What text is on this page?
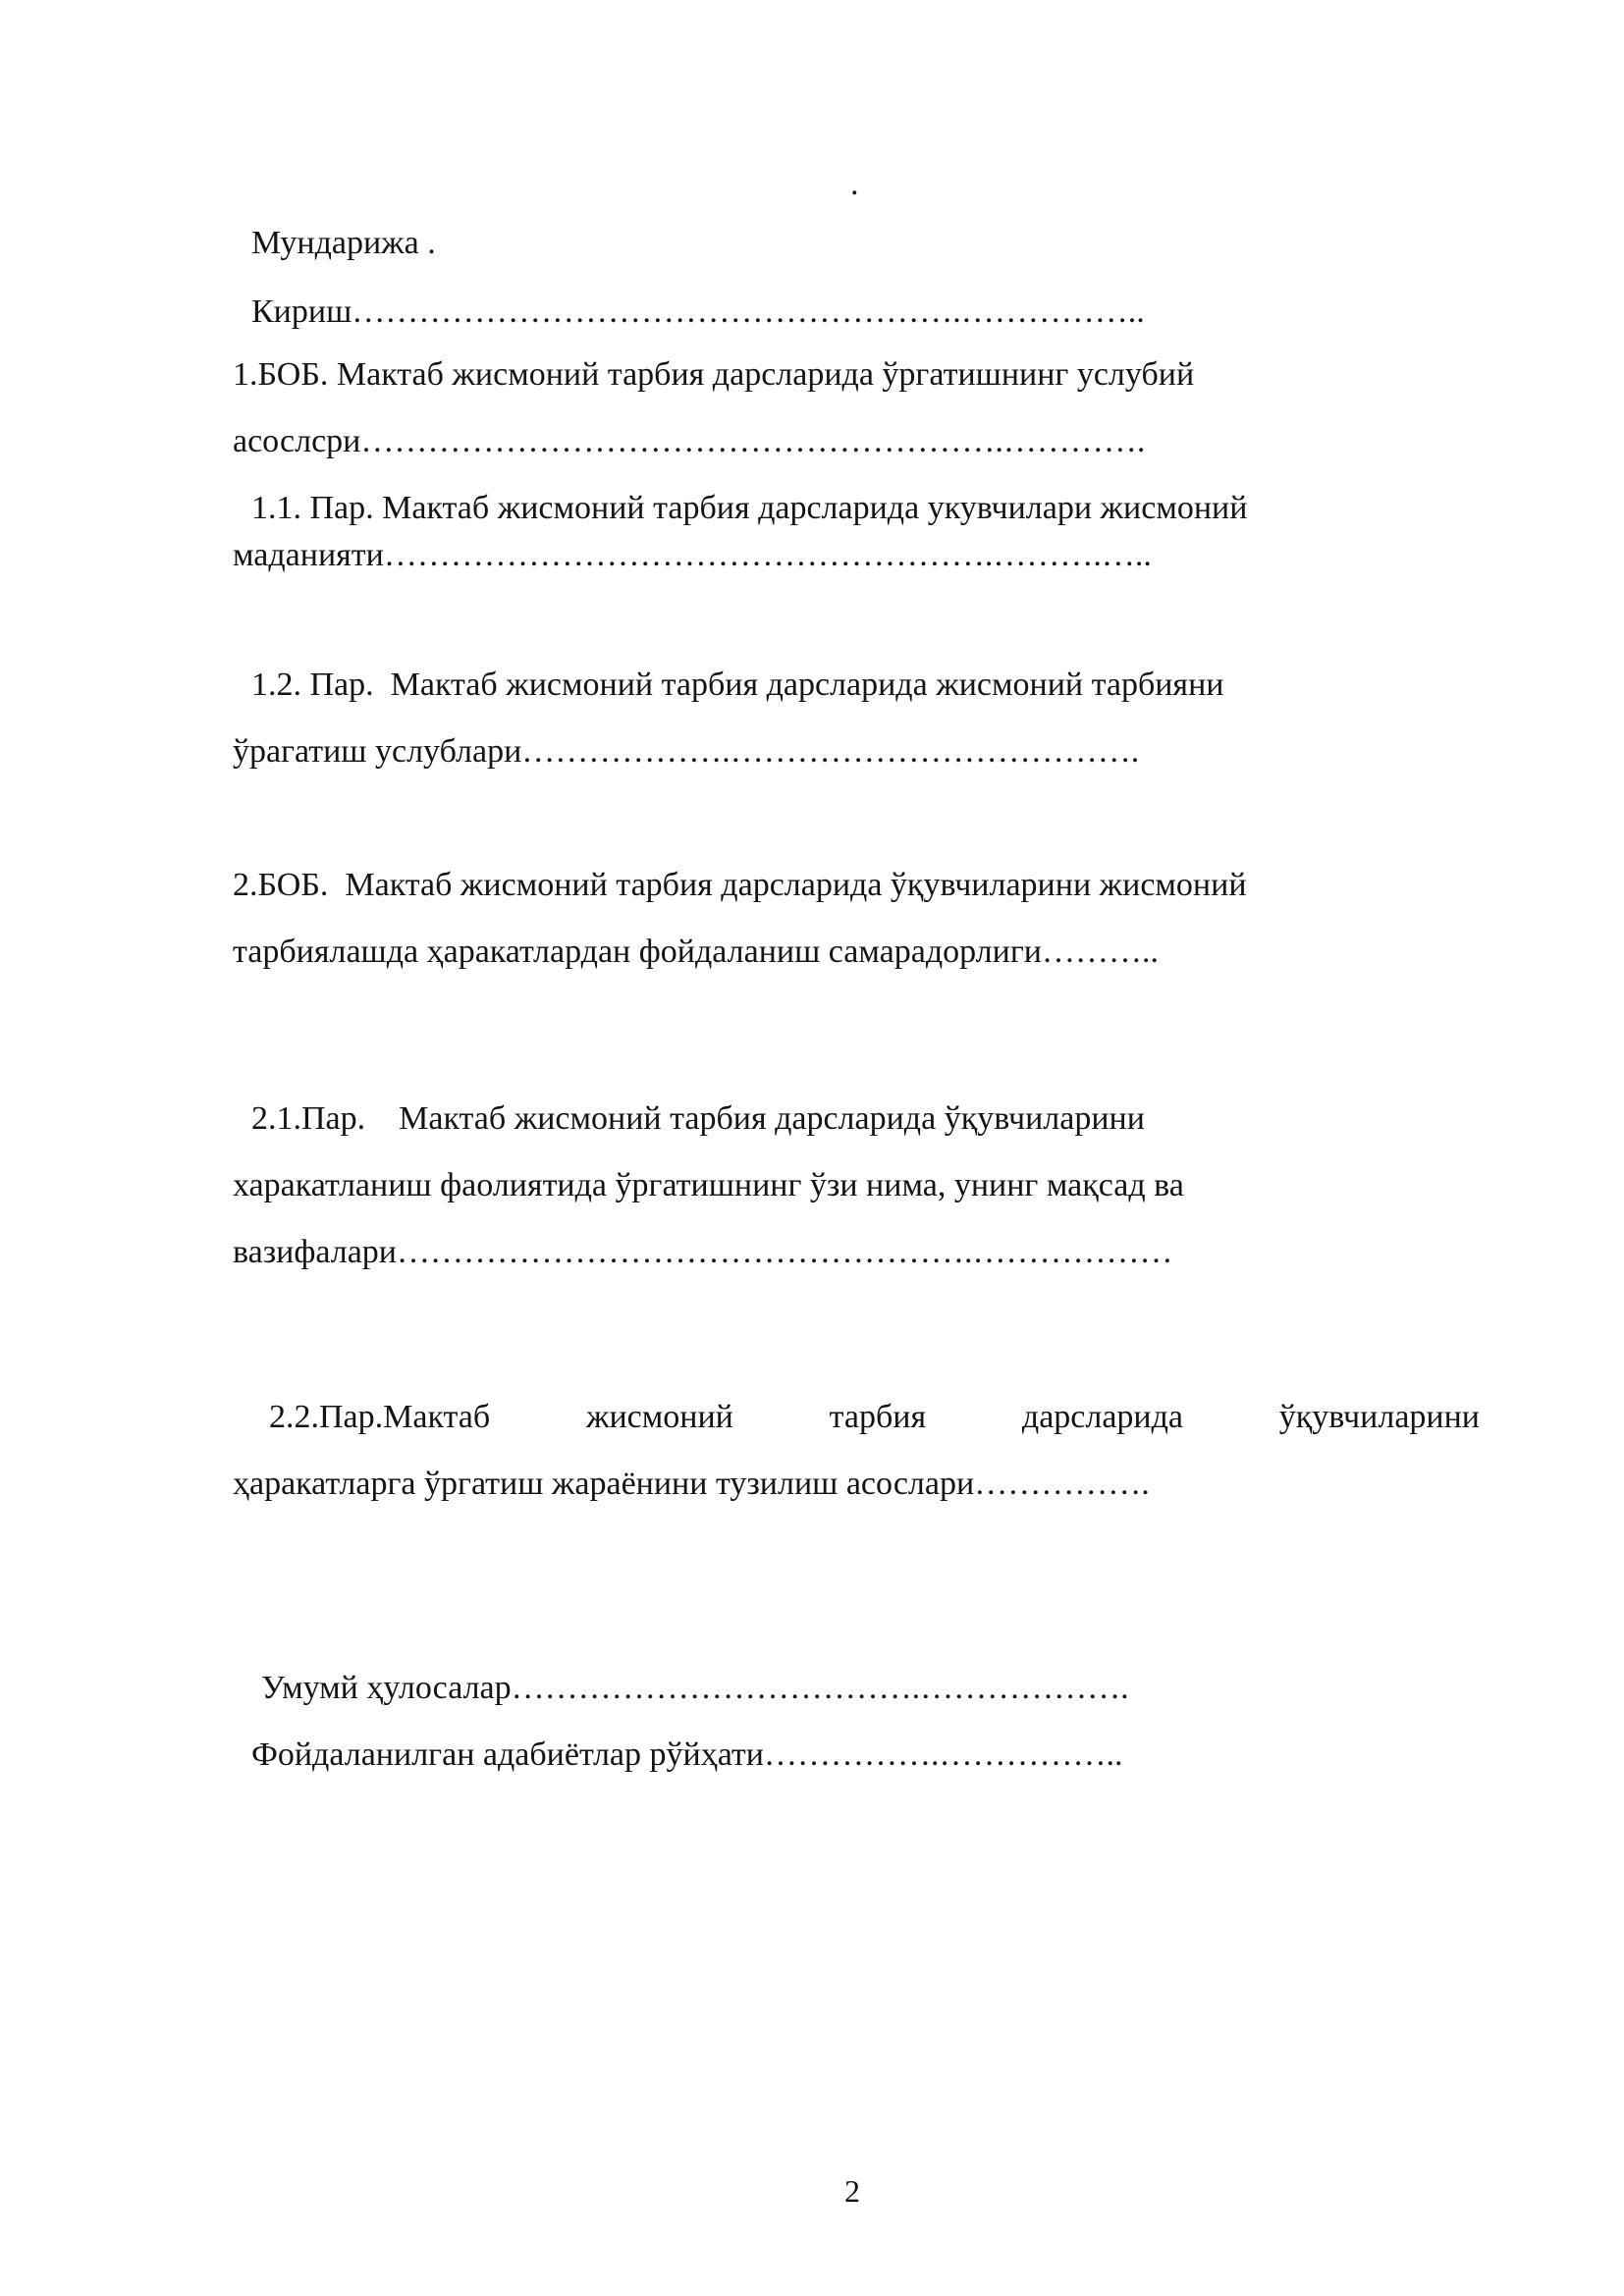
.

Мундарижа .

Кириш……………………………………………….……………..

1.БОБ. Мактаб жисмоний тарбия дарсларида ўргатишнинг услубий

асослсри………………………………………………….………….

1.1. Пар. Мактаб жисмоний тарбия дарсларида укувчилари жисмоний

маданияти……………………………………………….……….…..

1.2. Пар.  Мактаб жисмоний тарбия дарсларида жисмоний тарбияни

ўрагатиш услублари……………….……………………………….

2.БОБ.  Мактаб жисмоний тарбия дарсларида ўқувчиларини жисмоний

тарбиялашда ҳаракатлардан фойдаланиш самарадорлиги………..

2.1.Пар.    Мактаб жисмоний тарбия дарсларида ўқувчиларини

харакатланиш фаолиятида ўргатишнинг ўзи нима, унинг мақсад ва

вазифалари…………………………………………….………………

2.2.Пар.Мактаб	жисмоний	тарбия	дарсларида	ўқувчиларини

ҳаракатларга ўргатиш жараёнини тузилиш асослари…………….

Умумй ҳулосалар……………………………….……………….

Фойдаланилган адабиётлар рўйҳати…………….……………..

2
